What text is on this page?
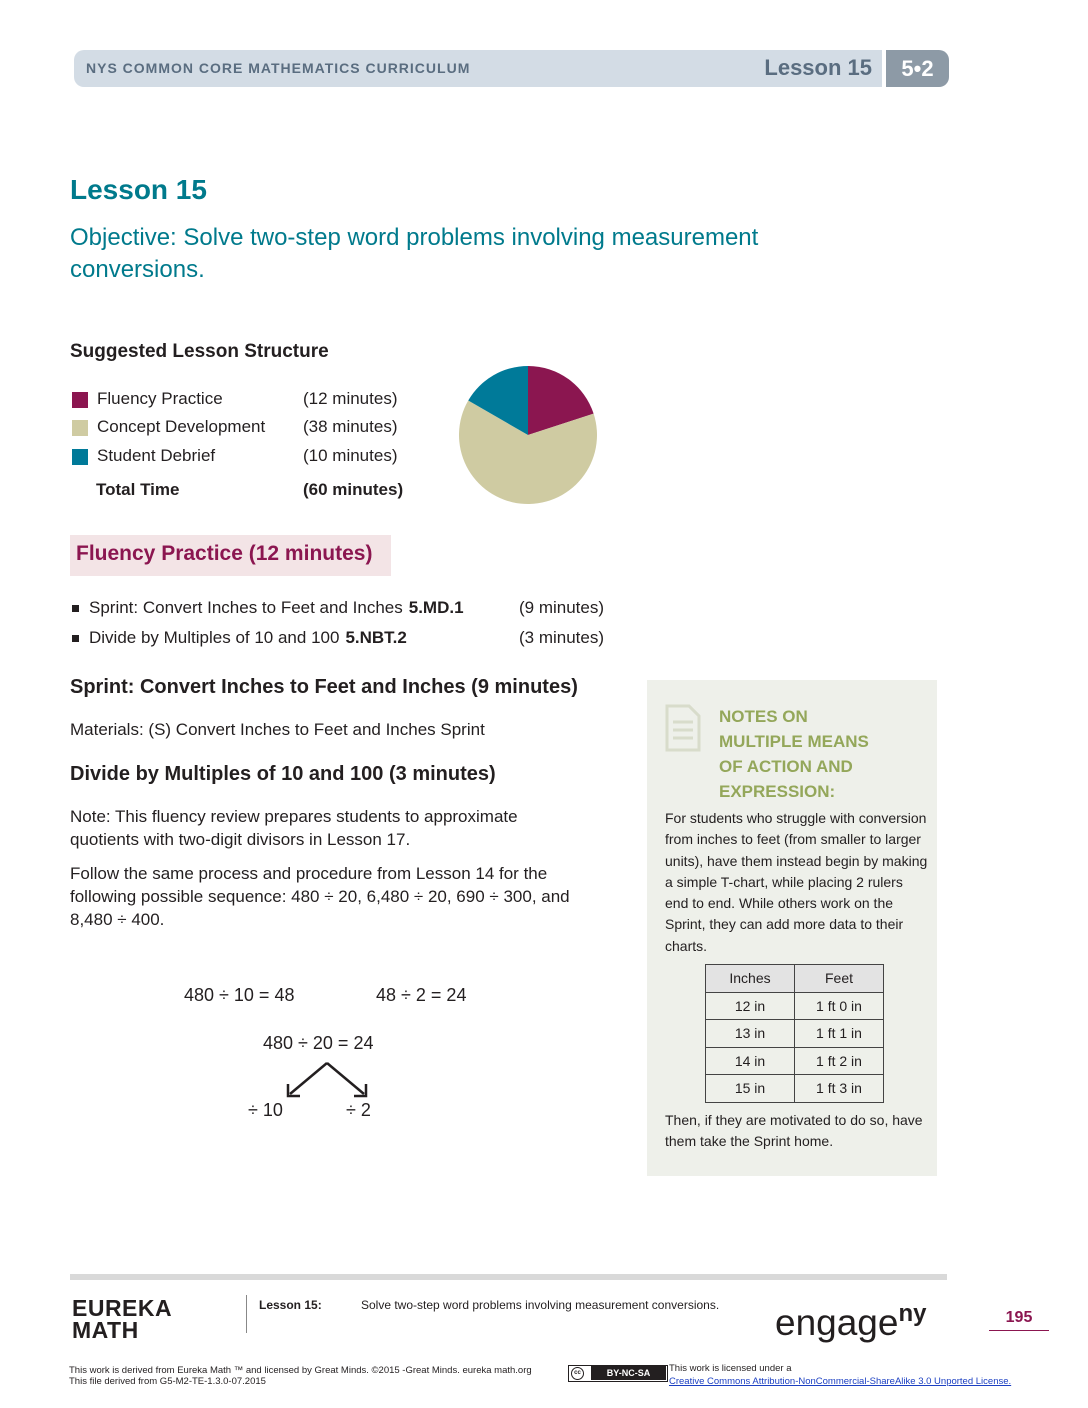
NYS COMMON CORE MATHEMATICS CURRICULUM	Lesson 15	5•2
Lesson 15
Objective: Solve two-step word problems involving measurement conversions.
Suggested Lesson Structure
Fluency Practice	(12 minutes)
Concept Development (38 minutes)
Student Debrief	(10 minutes)
Total Time	(60 minutes)
Fluency Practice (12 minutes)
Sprint: Convert Inches to Feet and Inches 5.MD.1	(9 minutes)
Divide by Multiples of 10 and 100 5.NBT.2	(3 minutes)
Sprint: Convert Inches to Feet and Inches (9 minutes)
Materials: (S) Convert Inches to Feet and Inches Sprint
Divide by Multiples of 10 and 100 (3 minutes)
Note: This fluency review prepares students to approximate quotients with two-digit divisors in Lesson 17.
Follow the same process and procedure from Lesson 14 for the following possible sequence: 480 ÷ 20, 6,480 ÷ 20, 690 ÷ 300, and 8,480 ÷ 400.
480 ÷ 10 = 48	48 ÷ 2 = 24
480 ÷ 20 = 24
÷ 10	÷ 2
NOTES ON
MULTIPLE MEANS
OF ACTION AND
EXPRESSION:
For students who struggle with conversion from inches to feet (from smaller to larger units), have them instead begin by making a simple T-chart, while placing 2 rulers end to end. While others work on the Sprint, they can add more data to their charts.
Inches	Feet
12 in	1 ft 0 in
13 in	1 ft 1 in
14 in	1 ft 2 in
15 in	1 ft 3 in
Then, if they are motivated to do so, have them take the Sprint home.
EUREKA
MATH
Lesson 15:	Solve two-step word problems involving measurement conversions. engage$^{ny}$	195
This work is derived from Eureka Math ™ and licensed by Great Minds. ©2015 -Great Minds. eureka math.org
This file derived from G5-M2-TE-1.3.0-07.2015
cc	BY-NC-SA	This work is licensed under a
Creative Commons Attribution-NonCommercial-ShareAlike 3.0 Unported License.
